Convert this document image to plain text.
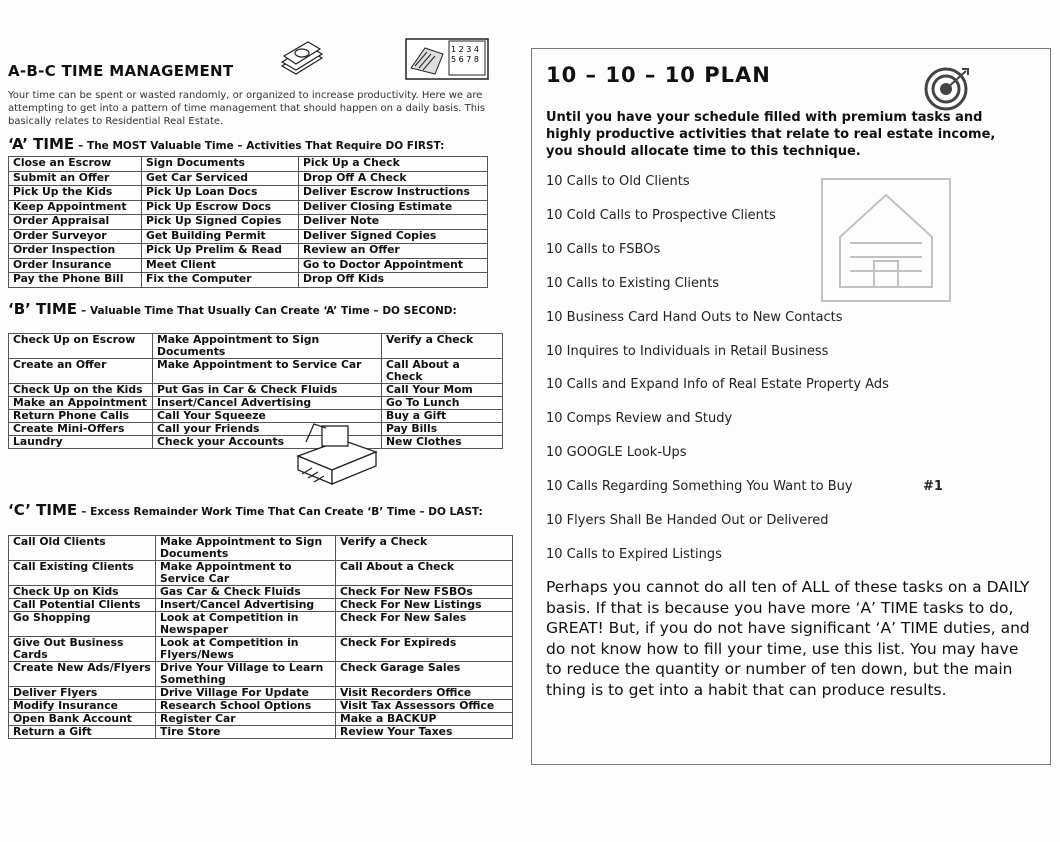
A-B-C TIME MANAGEMENT
1 2 3 4
5 6 7 8
Your time can be spent or wasted randomly, or organized to increase productivity. Here we are attempting to get into a pattern of time management that should happen on a daily basis. This basically relates to Residential Real Estate.
‘A’ TIME – The MOST Valuable Time – Activities That Require DO FIRST:
Close an Escrow	Sign Documents	Pick Up a Check
Submit an Offer	Get Car Serviced	Drop Off A Check
Pick Up the Kids	Pick Up Loan Docs	Deliver Escrow Instructions
Keep Appointment	Pick Up Escrow Docs	Deliver Closing Estimate
Order Appraisal	Pick Up Signed Copies	Deliver Note
Order Surveyor	Get Building Permit	Deliver Signed Copies
Order Inspection	Pick Up Prelim & Read	Review an Offer
Order Insurance	Meet Client	Go to Doctor Appointment
Pay the Phone Bill	Fix the Computer	Drop Off Kids
‘B’ TIME – Valuable Time That Usually Can Create ‘A’ Time – DO SECOND:
Check Up on Escrow	Make Appointment to Sign Documents	Verify a Check
Create an Offer	Make Appointment to Service Car	Call About a Check
Check Up on the Kids	Put Gas in Car & Check Fluids	Call Your Mom
Make an Appointment	Insert/Cancel Advertising	Go To Lunch
Return Phone Calls	Call Your Squeeze	Buy a Gift
Create Mini-Offers	Call your Friends	Pay Bills
Laundry	Check your Accounts	New Clothes
‘C’ TIME – Excess Remainder Work Time That Can Create ‘B’ Time – DO LAST:
Call Old Clients	Make Appointment to Sign Documents	Verify a Check
Call Existing Clients	Make Appointment to Service Car	Call About a Check
Check Up on Kids	Gas Car & Check Fluids	Check For New FSBOs
Call Potential Clients	Insert/Cancel Advertising	Check For New Listings
Go Shopping	Look at Competition in Newspaper	Check For New Sales
Give Out Business Cards	Look at Competition in Flyers/News	Check For Expireds
Create New Ads/Flyers	Drive Your Village to Learn Something	Check Garage Sales
Deliver Flyers	Drive Village For Update	Visit Recorders Office
Modify Insurance	Research School Options	Visit Tax Assessors Office
Open Bank Account	Register Car	Make a BACKUP
Return a Gift	Tire Store	Review Your Taxes
10 – 10 – 10 PLAN
Until you have your schedule filled with premium tasks and highly productive activities that relate to real estate income, you should allocate time to this technique.
10 Calls to Old Clients
10 Cold Calls to Prospective Clients
10 Calls to FSBOs
10 Calls to Existing Clients
10 Business Card Hand Outs to New Contacts
10 Inquires to Individuals in Retail Business
10 Calls and Expand Info of Real Estate Property Ads
10 Comps Review and Study
10 GOOGLE Look-Ups
10 Calls Regarding Something You Want to Buy	#1
10 Flyers Shall Be Handed Out or Delivered
10 Calls to Expired Listings
Perhaps you cannot do all ten of ALL of these tasks on a DAILY basis. If that is because you have more ‘A’ TIME tasks to do, GREAT! But, if you do not have significant ‘A’ TIME duties, and do not know how to fill your time, use this list. You may have to reduce the quantity or number of ten down, but the main thing is to get into a habit that can produce results.
